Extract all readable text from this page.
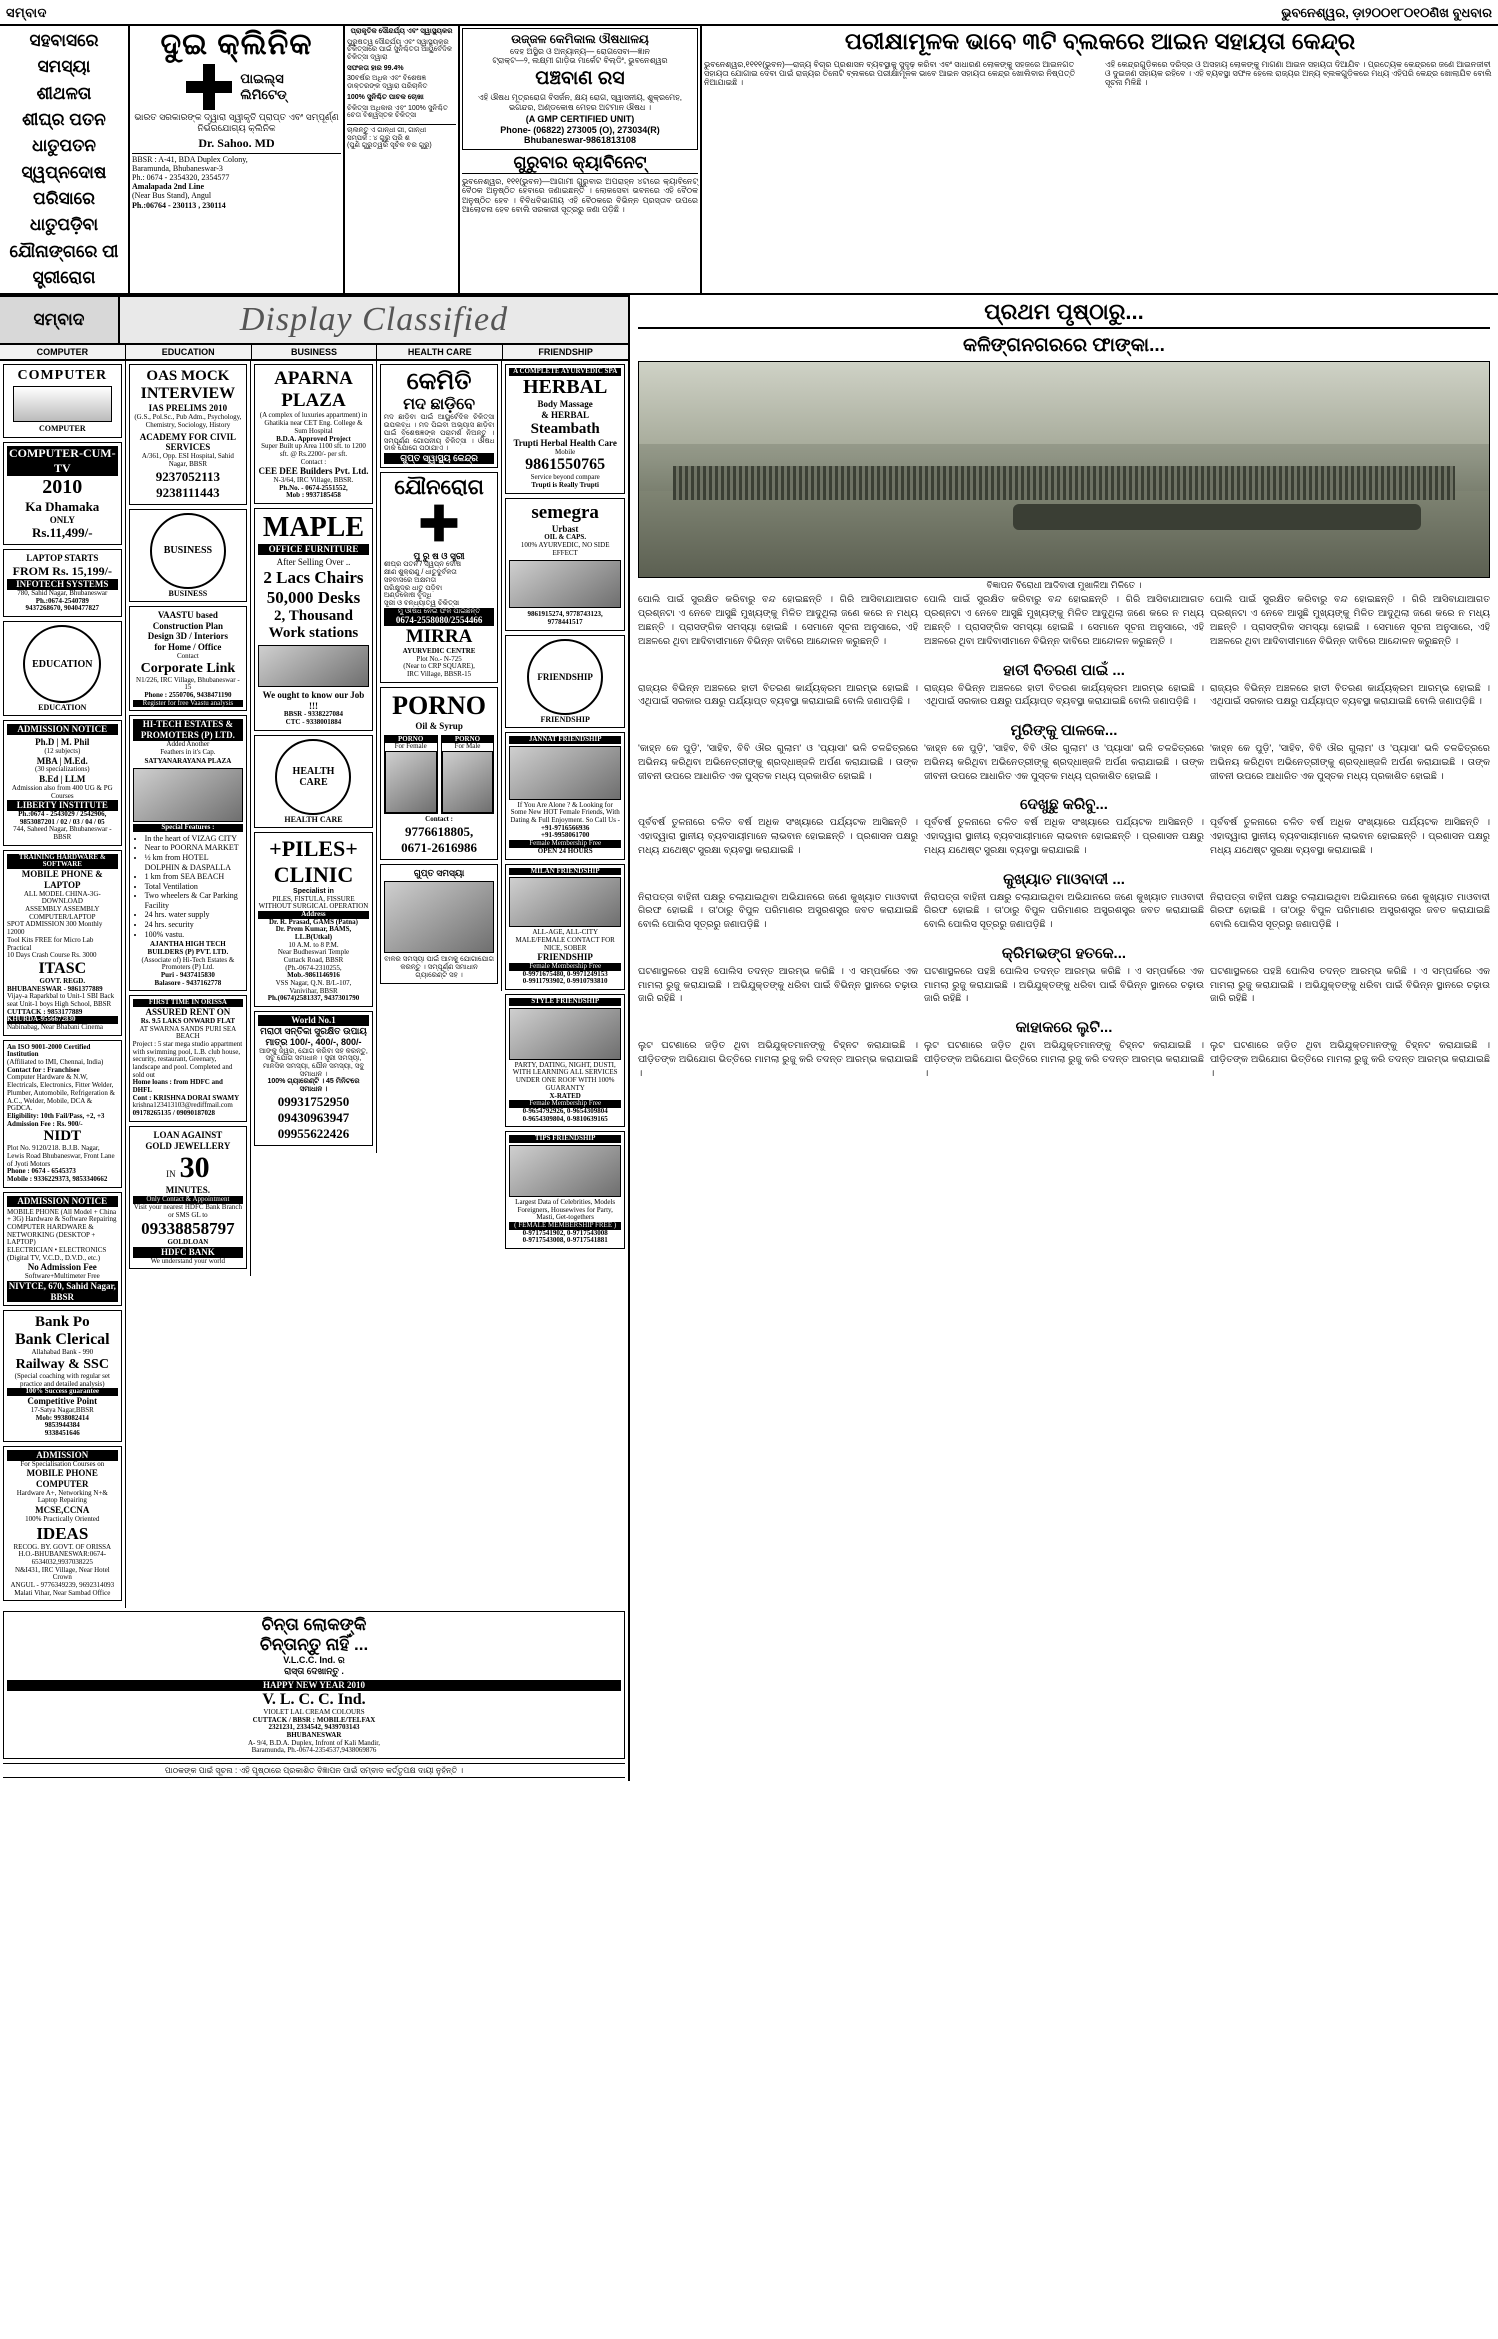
ସମ୍ବାଦ	ଭୁବନେଶ୍ୱର, ଡ଼ା୨୦୦୧୮୦୧୦ଣିଖ ବୁଧବାର
ସହବାସରେ
ସମସ୍ୟା
ଶୀଥଳତା
ଶୀଘ୍ର ପତନ
ଧାତୁପତନ
ସ୍ୱପ୍ନଦୋଷ
ପରିସାରେ
ଧାତୁପଡ଼ିବା
ଯୌନାଙ୍ଗରେ ପୀ
ସ୍ତ୍ରୀରୋଗ
ଦୁଇ କ୍ଲିନିକ
ପାଇଲ୍ସ
ଲିମିଟେଡ୍
ଭାରତ ସରକାରଙ୍କ ଦ୍ୱାରା ସ୍ୱୀକୃତି ପ୍ରାପ୍ତ ଏବଂ ସମ୍ପୂର୍ଣ୍ଣ ନିର୍ଭରଯୋଗ୍ୟ କ୍ଲିନିକ
Dr. Sahoo. MD
BBSR : A-41, BDA Duplex Colony,
Baramunda, Bhubaneswar-3
Ph.: 0674 - 2354320, 2354577
Amalapada 2nd Line
(Near Bus Stand), Angul
Ph.:06764 - 230113 , 230114
ପ୍ରାକୃତିକ ସୌନ୍ଦର୍ଯ୍ୟ ଏବଂ ସ୍ୱାସ୍ଥ୍ୟକର
ପୁରୁଷତ୍ୱ ସୌନ୍ଦର୍ଯ୍ୟ ଏବଂ ସ୍ୱାସ୍ଥ୍ୟକର ଚିକିତ୍ସାରେ ପାଇଁ ସୁନିଶ୍ଚିତତା ଆୟୁର୍ବେଦିକ ଚିକିତ୍ସା ଦ୍ୱାରା
ସଫଳତା ହାର 99.4%
30ବର୍ଷର ଅଧିକ ଏବଂ ବିଶେଷଜ୍ଞ ଡାକ୍ତରଙ୍କ ଦ୍ୱାରା ପରିଚାଳିତ
100% ସୁନିଶ୍ଚିତ ପାଚକ ଚୋଖା
ଚିକିତ୍ସା ଅଧିକାର ଏବଂ 100% ସୁନିଶ୍ଚିତ ଚେତା ବିଶ୍ୱସ୍ତକ ଚିକିତ୍ସା
ଚାଲନ୍ତୁ ଏ ଗାନ୍ଧୀ ଗୀ, ଗାନ୍ଧୀ
ସମ୍ପର୍କ : ୪ ଗୁରୁ ପ୍ରି ଶ
(ପୁଣି ଗୁରୁତ୍ୱର ସୂଚିକ ବର ଗୁରୁ)
ଉଜ୍ଜଳ କେମିକାଲ ଔଷଧାଳୟ
ଦେହ ଅସ୍ଥିର ଓ ଅନ୍ୟାନ୍ୟ— ରୋଗସେବା—ଜ୍ଞାନ
ଟ୍ରାକ୍ଟ—୨, ଲକ୍ଷ୍ମୀ ଗାଡ଼ିଭ ମାର୍କେଟ ବିଲ୍ଡିଂ, ଭୁବନେଶ୍ୱର
ପଞ୍ଚବାଣ ରସ
ଏହି ଔଷଧ ମୂତ୍ରରୋଗ ବିସର୍ଜନ, କ୍ଷୟ ରୋଗ, ସ୍ୱାସନୀୟ, ଶୁକ୍ରମେହ, ଭଗନ୍ଦର, ଅଣ୍ଡକୋଷ ମେହର ଅଟମାନ ଔଷଧ ।
(A GMP CERTIFIED UNIT)
Phone- (06822) 273005 (O), 273034(R)
Bhubaneswar-9861813108
ଗୁରୁବାର କ୍ୟାବିନେଟ୍
ଭୁବନେଶ୍ୱର, ୧୧୧(ଭୁବନ)—ଆଗାମୀ ଗୁରୁବାର ଅପରାହ୍ନ ୪ଟାରେ କ୍ୟାବିନେଟ୍ ବୈଠକ ଅନୁଷ୍ଠିତ ହେବାରେ ଜଣାଇଛନ୍ତି । ଲୋକସେବା ଭବନରେ ଏହି ବୈଠକ ଅନୁଷ୍ଠିତ ହେବ । ବିବିଧବିଭାଗୀୟ ଏହି ବୈଠକରେ ବିଭିନ୍ନ ପ୍ରସ୍ତାବ ଉପରେ ଆଲୋଚନା ହେବ ବୋଲି ସରକାରୀ ସୂତ୍ରରୁ ଜଣା ପଡ଼ିଛି ।
ପରୀକ୍ଷାମୂଳକ ଭାବେ ୩ଟି ବ୍ଲକରେ ଆଇନ ସହାୟତା କେନ୍ଦ୍ର
ଭୁବନେଶ୍ୱର,୧୧୧୧(ଭୁବନ)—ରାଜ୍ୟ ବିଚାର ପ୍ରଶାସନ ବ୍ୟବସ୍ଥାକୁ ସୁଦୃଢ଼ କରିବା ଏବଂ ସାଧାରଣ ଲୋକଙ୍କୁ ସହଜରେ ଆଇନଗତ ସହାୟତା ଯୋଗାଇ ଦେବା ପାଇଁ ରାଜ୍ୟର ତିନୋଟି ବ୍ଲକରେ ପରୀକ୍ଷାମୂଳକ ଭାବେ ଆଇନ ସହାୟତା କେନ୍ଦ୍ର ଖୋଲିବାର ନିଷ୍ପତ୍ତି ନିଆଯାଇଛି ।
ଏହି କେନ୍ଦ୍ରଗୁଡ଼ିକରେ ଦରିଦ୍ର ଓ ଅସହାୟ ଲୋକଙ୍କୁ ମାଗଣା ଆଇନ ସହାୟତା ଦିଆଯିବ । ପ୍ରତ୍ୟେକ କେନ୍ଦ୍ରରେ ଜଣେ ଆଇନଜୀବୀ ଓ ଦୁଇଜଣ ସହାୟକ ରହିବେ । ଏହି ବ୍ୟବସ୍ଥା ସଫଳ ହେଲେ ରାଜ୍ୟର ଅନ୍ୟ ବ୍ଲକଗୁଡ଼ିକରେ ମଧ୍ୟ ଏହିପରି କେନ୍ଦ୍ର ଖୋଲାଯିବ ବୋଲି ସୂଚନା ମିଳିଛି ।
ସମ୍ବାଦ	Display Classified
COMPUTER	EDUCATION	BUSINESS	HEALTH CARE	FRIENDSHIP
COMPUTER
COMPUTER
COMPUTER-CUM-TV
2010
Ka Dhamaka
ONLY
Rs.11,499/-
LAPTOP STARTS
FROM Rs. 15,199/-
INFOTECH SYSTEMS
780, Sahid Nagar, Bhubaneswar
Ph.:0674-2540789
9437268670, 9040477827
EDUCATION
EDUCATION
ADMISSION NOTICE
Ph.D | M. Phil
(12 subjects)
MBA | M.Ed.
(30 specializations)
B.Ed | LLM
Admission also from 400 UG & PG Courses
LIBERTY INSTITUTE
Ph.:0674 - 2543029 / 2542906,
9853087201 / 02 / 03 / 04 / 05
744, Saheed Nagar, Bhubaneswar - BBSR
TRAINING HARDWARE & SOFTWARE
MOBILE PHONE & LAPTOP
ALL MODEL CHINA-3G-DOWNLOAD
ASSEMBLY ASSEMBLY COMPUTER/LAPTOP
SPOT ADMISSION 300 Monthly 12000
Tool Kits FREE for Micro Lab Practical
10 Days Crash Course Rs. 3000
ITASC
GOVT. REGD.
BHUBANESWAR - 9861377889
Vijay-a Raparkbal to Unit-1 SBI Back seat Unit-1 boys High School, BBSR
CUTTACK : 9853177889
KHURDA-9556672830
Nabinabag, Near Bhabani Cinema
An ISO 9001-2000 Certified Institution
(Affiliated to IMI, Chennai, India)
Contact for : Franchisee
Computer Hardware & N.W, Electricals, Electronics, Fitter Welder, Plumber, Automobile, Refrigeration & A.C., Welder, Mobile, DCA & PGDCA.
Eligibility: 10th Fail/Pass, +2, +3
Admission Fee : Rs. 900/-
NIDT
Plot No. 9120/218. B.J.B. Nagar, Lewis Road Bhubaneswar, Front Lane of Jyoti Motors
Phone : 0674 - 6545373
Mobile : 9336229373, 9853340662
ADMISSION NOTICE
MOBILE PHONE (All Model + China + 3G) Hardware & Software Repairing
COMPUTER HARDWARE & NETWORKING (DESKTOP + LAPTOP)
ELECTRICIAN • ELECTRONICS (Digital TV, V.C.D., D.V.D., etc.)
No Admission Fee
Software+Multimeter Free
NIVTCE, 670, Sahid Nagar, BBSR
Bank Po
Bank Clerical
Allahabad Bank - 990
Railway & SSC
(Special coaching with regular set practice and detailed analysis)
100% Success guarantee
Competitive Point
17-Satya Nagar,BBSR
Mob: 9938082414
9853944384
9338451646
ADMISSION
For Specialisation Courses on
MOBILE PHONE
COMPUTER
Hardware A+, Networking N+& Laptop Repairing
MCSE,CCNA
100% Practically Oriented
IDEAS
RECOG. BY. GOVT. OF ORISSA
H.O.-BHUBANESWAR:0674-6534032,9937038225
N&I431, IRC Village, Near Hotel Crown
ANGUL - 9776349239, 9692314093
Malati Vihar, Near Sambad Office
OAS MOCK
INTERVIEW
IAS PRELIMS 2010
(G.S., Pol.Sc., Pub Adm., Psychology, Chemistry, Sociology, History
ACADEMY FOR CIVIL SERVICES
A/361, Opp. ESI Hospital, Sahid Nagar, BBSR
9237052113
9238111443
BUSINESS
BUSINESS
VAASTU based
Construction Plan
Design 3D / Interiors
for Home / Office
Contact
Corporate Link
N1/226, IRC Village, Bhubaneswar - 15
Phone : 2550706, 9438471190
Register for free Vaastu analysis
HI-TECH ESTATES &
PROMOTERS (P) LTD.
Added Another
Feathers in it's Cap.
SATYANARAYANA PLAZA
Special Features :
• In the heart of VIZAG CITY
• Near to POORNA MARKET
• ½ km from HOTEL DOLPHIN & DASPALLA
• 1 km from SEA BEACH
• Total Ventilation
• Two wheelers & Car Parking Facility
• 24 hrs. water supply
• 24 hrs. security
• 100% vastu.
AJANTHA HIGH TECH BUILDERS (P) PVT. LTD.
(Associate of) Hi-Tech Estates & Promoters (P) Ltd.
Puri - 9437415830
Balasore - 9437162778
FIRST TIME IN ORISSA
ASSURED RENT ON
Rs. 9.5 LAKS ONWARD FLAT
AT SWARNA SANDS PURI SEA BEACH
Project : 5 star mega studio appartment with swimming pool, L.B. club house, security, restaurant, Greenary, landscape and pool. Completed and sold out
Home loans : from HDFC and DHFL
Cont : KRISHNA DORAI SWAMY
krishna123413103@rediffmail.com
09178265135 / 09090187028
LOAN AGAINST
GOLD JEWELLERY
IN 30
MINUTES.
Only Contact & Appointment
Visit your nearest HDFC Bank Branch or SMS GL to
09338858797
GOLDLOAN
HDFC BANK
We understand your world
APARNA
PLAZA
(A complex of luxuries appartment) in Ghatikia near CET Eng. College & Sum Hospital
B.D.A. Approved Project
Super Built up Area 1100 sft. to 1200 sft. @ Rs.2200/- per sft.
Contact :
CEE DEE Builders Pvt. Ltd.
N-3/64, IRC Village, BBSR.
Ph.No. - 0674-2551552,
Mob : 9937185458
MAPLE
OFFICE FURNITURE
After Selling Over ..
2 Lacs Chairs
50,000 Desks
2, Thousand
Work stations
We ought to know our Job !!!
BBSR - 9338227084
CTC - 9338001884
HEALTH CARE
HEALTH CARE
+PILES+
CLINIC
Specialist in
PILES, FISTULA, FISSURE WITHOUT SURGICAL OPERATION
Address
Dr. R. Prasad, GAMS (Patna)
Dr. Prem Kumar, BAMS, LL.B(Utkal)
10 A.M. to 8 P.M.
Near Budheswari Temple
Cuttack Road, BBSR
(Ph.-0674-2310255,
Mob.-9861146916
VSS Nagar, Q.N. B/L-107,
Vanivihar, BBSR
Ph.(0674)2581337, 9437301790
World No.1
ମରାଠୀ ସନ୍ତିକା ସୁରକ୍ଷିତ ଉପାୟ
ମାତ୍ର 100/-, 400/-, 800/-
ଆଙ୍କୁ ଜ୍ୱର, ଯୋଗ କରିବା ସହ କରନ୍ତୁ, ସବୁ ଯୋଗ ସମାଧାନ । ସ୍ତ୍ରୀ ସମସ୍ୟା, ମାନସିକ ସମସ୍ୟା, ଯୌନ ସମସ୍ୟା, ସବୁ ସମାଧାନ ।
100% ଗ୍ୟାରେଣ୍ଟି । 45 ମିନିଟରେ ସମାଧାନ ।
09931752950
09430963947
09955622426
କେମିତି
ମଦ ଛାଡ଼ିବେ
ମଦ ଛାଡ଼ିବା ପାଇଁ ଆୟୁର୍ବେଦିକ ଚିକିତ୍ସା ଉପଲବ୍ଧ । ମଦ ପିଇବା ଅଭ୍ୟାସ ଛାଡ଼ିବା ପାଇଁ ବିଶେଷଜ୍ଞଙ୍କ ପରାମର୍ଶ ନିଅନ୍ତୁ । ସମ୍ପୂର୍ଣ୍ଣ ଗୋପନୀୟ ଚିକିତ୍ସା । ଔଷଧ ଡାକ ଯୋଗେ ପଠାଯାଏ ।
ଗୁପ୍ତ ସ୍ୱାସ୍ଥ୍ୟ କେନ୍ଦ୍ର
ଯୌନରୋଗ
ପୁ ରୁ ଷ ଓ ସ୍ତ୍ରୀ
ଶୀଘ୍ର ପତନ / ସ୍ୱପ୍ନ ଦୋଷ
କ୍ଷୀଣ ଶୁକ୍ରାଣୁ / ଧାତୁଦୁର୍ବଳତା
ସହବାସରେ ଅକ୍ଷମତା
ପରିକ୍ଷୁଦ୍ର ଧାତୁ ପଡ଼ିବା
ଅଣ୍ଡକୋଷ ବୃଦ୍ଧି
ସ୍ତ୍ରୀ ଓ ବନ୍ଧ୍ୟାତ୍ୱ ଚିକିତ୍ସା
ମୁଁ ଔଷଧ ନେଇ ଫଳ ପାଇଛନ୍ତି
0674-2558080/2554466
MIRRA
AYURVEDIC CENTRE
Plot No.- N-725
(Near to CRP SQUARE),
IRC Village, BBSR-15
PORNO
Oil & Syrup
PORNO
For Female
PORNO
For Male
Contact :
9776618805,
0671-2616986
ଗୁପ୍ତ ସମସ୍ୟା
ବାଳର ସମସ୍ୟା ପାଇଁ ଆମକୁ ଯୋଗାଯୋଗ କରନ୍ତୁ । ସମ୍ପୂର୍ଣ୍ଣ ସମାଧାନ ଗ୍ୟାରେଣ୍ଟି ସହ ।
A COMPLETE AYURVEDIC SPA
HERBAL
Body Massage
& HERBAL
Steambath
Trupti Herbal Health Care
Mobile
9861550765
Service beyond compare
Trupti is Really Trupti
semegra
Urbast
OIL & CAPS.
100% AYURVEDIC, NO SIDE EFFECT
9861915274, 9778743123, 9778441517
FRIENDSHIP
FRIENDSHIP
JANNAT FRIENDSHIP
If You Are Alone ? & Looking for Some New HOT Female Friends, With Dating & Full Enjoyment. So Call Us -
+91-9716566936
+91-9958061700
Female Membership Free
OPEN 24 HOURS
MILAN FRIENDSHIP
ALL-AGE, ALL-CITY MALE/FEMALE CONTACT FOR NICE, SOBER
FRIENDSHIP
Female Membership Free
0-9971675480, 0-9971249153
0-9911793902, 0-9910793810
STYLE FRIENDSHIP
PARTY, DATING, NIGHT, DUSTI, WITH LEARNING ALL SERVICES UNDER ONE ROOF WITH 100% GUARANTY
X-RATED
Female Membership Free
0-9654792926, 0-9654309804
0-9654309804, 0-9810639165
TIPS FRIENDSHIP
Largest Data of Celebrities, Models Foreigners, Housewives for Party, Masti, Get-togethers
( FEMALE MEMBERSHIP FREE )
0-9717541902, 0-9717543008
0-9717543008, 0-9717541881
ଚିନ୍ତା ଲୋକଙ୍କି
ଚିନ୍ତାନ୍ତୁ ନାହିଁ ...
V.L.C.C. Ind. ର
ରାସ୍ତା ଦେଖାନ୍ତୁ .
HAPPY NEW YEAR 2010
V. L. C. C. Ind.
VIOLET LAL CREAM COLOURS
CUTTACK / BBSR : MOBILE/TELFAX
2321231, 2334542, 9439703143
BHUBANESWAR
A- 9/4, B.D.A. Duplex, Infront of Kali Mandir,
Baramunda, Ph.-0674-2354537,9438069876
ପାଠକଙ୍କ ପାଇଁ ସୂଚନା : ଏହି ପୃଷ୍ଠାରେ ପ୍ରକାଶିତ ବିଜ୍ଞାପନ ପାଇଁ ସମ୍ବାଦ କର୍ତ୍ତୃପକ୍ଷ ଦାୟୀ ନୁହଁନ୍ତି ।
ପ୍ରଥମ ପୃଷ୍ଠାରୁ...
କଳିଙ୍ଗନଗରରେ ଫାଙ୍କା...
ବିଜ୍ଞାପନ ବିରୋଧୀ ଆଦିବାସୀ ମୁଖାଳିଆ ମିଳିତେ ।

ପୋଲି ପାଇଁ ସୁରକ୍ଷିତ କରିବାରୁ ବନ୍ଦ ହୋଇଛନ୍ତି । ଗିରି ଆସିବାଯାଆଗତ ପ୍ରଶ୍ନଟା ଏ ନେବେ ଆସୁଛି ମୁଖ୍ୟଙ୍କୁ ମିଳିତ ଆଦୁଥିଲା ଜଣେ କରେ ନ ମଧ୍ୟ ଅଛନ୍ତି । ପ୍ରାସଙ୍ଗିକ ସମସ୍ୟା ହୋଇଛି । ସେମାନେ ସୂଚନା ଅନୁସାରେ, ଏହି ଅଞ୍ଚଳରେ ଥିବା ଆଦିବାସୀମାନେ ବିଭିନ୍ନ ଦାବିରେ ଆନ୍ଦୋଳନ କରୁଛନ୍ତି ।

ପୋଲି ପାଇଁ ସୁରକ୍ଷିତ କରିବାରୁ ବନ୍ଦ ହୋଇଛନ୍ତି । ଗିରି ଆସିବାଯାଆଗତ ପ୍ରଶ୍ନଟା ଏ ନେବେ ଆସୁଛି ମୁଖ୍ୟଙ୍କୁ ମିଳିତ ଆଦୁଥିଲା ଜଣେ କରେ ନ ମଧ୍ୟ ଅଛନ୍ତି । ପ୍ରାସଙ୍ଗିକ ସମସ୍ୟା ହୋଇଛି । ସେମାନେ ସୂଚନା ଅନୁସାରେ, ଏହି ଅଞ୍ଚଳରେ ଥିବା ଆଦିବାସୀମାନେ ବିଭିନ୍ନ ଦାବିରେ ଆନ୍ଦୋଳନ କରୁଛନ୍ତି ।

ପୋଲି ପାଇଁ ସୁରକ୍ଷିତ କରିବାରୁ ବନ୍ଦ ହୋଇଛନ୍ତି । ଗିରି ଆସିବାଯାଆଗତ ପ୍ରଶ୍ନଟା ଏ ନେବେ ଆସୁଛି ମୁଖ୍ୟଙ୍କୁ ମିଳିତ ଆଦୁଥିଲା ଜଣେ କରେ ନ ମଧ୍ୟ ଅଛନ୍ତି । ପ୍ରାସଙ୍ଗିକ ସମସ୍ୟା ହୋଇଛି । ସେମାନେ ସୂଚନା ଅନୁସାରେ, ଏହି ଅଞ୍ଚଳରେ ଥିବା ଆଦିବାସୀମାନେ ବିଭିନ୍ନ ଦାବିରେ ଆନ୍ଦୋଳନ କରୁଛନ୍ତି ।

ହାତୀ ବିତରଣ ପାଇଁ ...

ରାଜ୍ୟର ବିଭିନ୍ନ ଅଞ୍ଚଳରେ ହାତୀ ବିତରଣ କାର୍ଯ୍ୟକ୍ରମ ଆରମ୍ଭ ହୋଇଛି । ଏଥିପାଇଁ ସରକାର ପକ୍ଷରୁ ପର୍ଯ୍ୟାପ୍ତ ବ୍ୟବସ୍ଥା କରାଯାଇଛି ବୋଲି ଜଣାପଡ଼ିଛି ।

ରାଜ୍ୟର ବିଭିନ୍ନ ଅଞ୍ଚଳରେ ହାତୀ ବିତରଣ କାର୍ଯ୍ୟକ୍ରମ ଆରମ୍ଭ ହୋଇଛି । ଏଥିପାଇଁ ସରକାର ପକ୍ଷରୁ ପର୍ଯ୍ୟାପ୍ତ ବ୍ୟବସ୍ଥା କରାଯାଇଛି ବୋଲି ଜଣାପଡ଼ିଛି ।

ରାଜ୍ୟର ବିଭିନ୍ନ ଅଞ୍ଚଳରେ ହାତୀ ବିତରଣ କାର୍ଯ୍ୟକ୍ରମ ଆରମ୍ଭ ହୋଇଛି । ଏଥିପାଇଁ ସରକାର ପକ୍ଷରୁ ପର୍ଯ୍ୟାପ୍ତ ବ୍ୟବସ୍ଥା କରାଯାଇଛି ବୋଲି ଜଣାପଡ଼ିଛି ।

ମୁରିଙ୍କୁ ପାଳକେ...

'କାହ୍ନ କେ ପୁଡ଼ି', 'ସାହିବ, ବିବି ଔର ଗୁଲାମ' ଓ 'ପ୍ୟାସା' ଭଳି ଚଳଚ୍ଚିତ୍ରରେ ଅଭିନୟ କରିଥିବା ଅଭିନେତ୍ରୀଙ୍କୁ ଶ୍ରଦ୍ଧାଞ୍ଜଳି ଅର୍ପଣ କରାଯାଇଛି । ତାଙ୍କ ଜୀବନୀ ଉପରେ ଆଧାରିତ ଏକ ପୁସ୍ତକ ମଧ୍ୟ ପ୍ରକାଶିତ ହୋଇଛି ।

'କାହ୍ନ କେ ପୁଡ଼ି', 'ସାହିବ, ବିବି ଔର ଗୁଲାମ' ଓ 'ପ୍ୟାସା' ଭଳି ଚଳଚ୍ଚିତ୍ରରେ ଅଭିନୟ କରିଥିବା ଅଭିନେତ୍ରୀଙ୍କୁ ଶ୍ରଦ୍ଧାଞ୍ଜଳି ଅର୍ପଣ କରାଯାଇଛି । ତାଙ୍କ ଜୀବନୀ ଉପରେ ଆଧାରିତ ଏକ ପୁସ୍ତକ ମଧ୍ୟ ପ୍ରକାଶିତ ହୋଇଛି ।

'କାହ୍ନ କେ ପୁଡ଼ି', 'ସାହିବ, ବିବି ଔର ଗୁଲାମ' ଓ 'ପ୍ୟାସା' ଭଳି ଚଳଚ୍ଚିତ୍ରରେ ଅଭିନୟ କରିଥିବା ଅଭିନେତ୍ରୀଙ୍କୁ ଶ୍ରଦ୍ଧାଞ୍ଜଳି ଅର୍ପଣ କରାଯାଇଛି । ତାଙ୍କ ଜୀବନୀ ଉପରେ ଆଧାରିତ ଏକ ପୁସ୍ତକ ମଧ୍ୟ ପ୍ରକାଶିତ ହୋଇଛି ।

ଦେଖୁଛୁ କରିବୁ...

ପୂର୍ବବର୍ଷ ତୁଳନାରେ ଚଳିତ ବର୍ଷ ଅଧିକ ସଂଖ୍ୟାରେ ପର୍ଯ୍ୟଟକ ଆସିଛନ୍ତି । ଏହାଦ୍ୱାରା ସ୍ଥାନୀୟ ବ୍ୟବସାୟୀମାନେ ଲାଭବାନ ହୋଇଛନ୍ତି । ପ୍ରଶାସନ ପକ୍ଷରୁ ମଧ୍ୟ ଯଥେଷ୍ଟ ସୁରକ୍ଷା ବ୍ୟବସ୍ଥା କରାଯାଇଛି ।

ପୂର୍ବବର୍ଷ ତୁଳନାରେ ଚଳିତ ବର୍ଷ ଅଧିକ ସଂଖ୍ୟାରେ ପର୍ଯ୍ୟଟକ ଆସିଛନ୍ତି । ଏହାଦ୍ୱାରା ସ୍ଥାନୀୟ ବ୍ୟବସାୟୀମାନେ ଲାଭବାନ ହୋଇଛନ୍ତି । ପ୍ରଶାସନ ପକ୍ଷରୁ ମଧ୍ୟ ଯଥେଷ୍ଟ ସୁରକ୍ଷା ବ୍ୟବସ୍ଥା କରାଯାଇଛି ।

ପୂର୍ବବର୍ଷ ତୁଳନାରେ ଚଳିତ ବର୍ଷ ଅଧିକ ସଂଖ୍ୟାରେ ପର୍ଯ୍ୟଟକ ଆସିଛନ୍ତି । ଏହାଦ୍ୱାରା ସ୍ଥାନୀୟ ବ୍ୟବସାୟୀମାନେ ଲାଭବାନ ହୋଇଛନ୍ତି । ପ୍ରଶାସନ ପକ୍ଷରୁ ମଧ୍ୟ ଯଥେଷ୍ଟ ସୁରକ୍ଷା ବ୍ୟବସ୍ଥା କରାଯାଇଛି ।

କୁଖ୍ୟାତ ମାଓବାଦୀ ...

ନିରାପତ୍ତା ବାହିନୀ ପକ୍ଷରୁ ଚଲାଯାଇଥିବା ଅଭିଯାନରେ ଜଣେ କୁଖ୍ୟାତ ମାଓବାଦୀ ଗିରଫ ହୋଇଛି । ତା'ଠାରୁ ବିପୁଳ ପରିମାଣର ଅସ୍ତ୍ରଶସ୍ତ୍ର ଜବତ କରାଯାଇଛି ବୋଲି ପୋଲିସ ସୂତ୍ରରୁ ଜଣାପଡ଼ିଛି ।

ନିରାପତ୍ତା ବାହିନୀ ପକ୍ଷରୁ ଚଲାଯାଇଥିବା ଅଭିଯାନରେ ଜଣେ କୁଖ୍ୟାତ ମାଓବାଦୀ ଗିରଫ ହୋଇଛି । ତା'ଠାରୁ ବିପୁଳ ପରିମାଣର ଅସ୍ତ୍ରଶସ୍ତ୍ର ଜବତ କରାଯାଇଛି ବୋଲି ପୋଲିସ ସୂତ୍ରରୁ ଜଣାପଡ଼ିଛି ।

ନିରାପତ୍ତା ବାହିନୀ ପକ୍ଷରୁ ଚଲାଯାଇଥିବା ଅଭିଯାନରେ ଜଣେ କୁଖ୍ୟାତ ମାଓବାଦୀ ଗିରଫ ହୋଇଛି । ତା'ଠାରୁ ବିପୁଳ ପରିମାଣର ଅସ୍ତ୍ରଶସ୍ତ୍ର ଜବତ କରାଯାଇଛି ବୋଲି ପୋଲିସ ସୂତ୍ରରୁ ଜଣାପଡ଼ିଛି ।

କ୍ରିମଭଙ୍ଗ ହତକେ...

ଘଟଣାସ୍ଥଳରେ ପହଞ୍ଚି ପୋଲିସ ତଦନ୍ତ ଆରମ୍ଭ କରିଛି । ଏ ସମ୍ପର୍କରେ ଏକ ମାମଲା ରୁଜୁ କରାଯାଇଛି । ଅଭିଯୁକ୍ତଙ୍କୁ ଧରିବା ପାଇଁ ବିଭିନ୍ନ ସ୍ଥାନରେ ଚଢ଼ାଉ ଜାରି ରହିଛି ।

ଘଟଣାସ୍ଥଳରେ ପହଞ୍ଚି ପୋଲିସ ତଦନ୍ତ ଆରମ୍ଭ କରିଛି । ଏ ସମ୍ପର୍କରେ ଏକ ମାମଲା ରୁଜୁ କରାଯାଇଛି । ଅଭିଯୁକ୍ତଙ୍କୁ ଧରିବା ପାଇଁ ବିଭିନ୍ନ ସ୍ଥାନରେ ଚଢ଼ାଉ ଜାରି ରହିଛି ।

ଘଟଣାସ୍ଥଳରେ ପହଞ୍ଚି ପୋଲିସ ତଦନ୍ତ ଆରମ୍ଭ କରିଛି । ଏ ସମ୍ପର୍କରେ ଏକ ମାମଲା ରୁଜୁ କରାଯାଇଛି । ଅଭିଯୁକ୍ତଙ୍କୁ ଧରିବା ପାଇଁ ବିଭିନ୍ନ ସ୍ଥାନରେ ଚଢ଼ାଉ ଜାରି ରହିଛି ।

କାହାକରେ ଲୁଟି...

ଲୁଟ ଘଟଣାରେ ଜଡ଼ିତ ଥିବା ଅଭିଯୁକ୍ତମାନଙ୍କୁ ଚିହ୍ନଟ କରାଯାଇଛି । ପୀଡ଼ିତଙ୍କ ଅଭିଯୋଗ ଭିତ୍ତିରେ ମାମଲା ରୁଜୁ କରି ତଦନ୍ତ ଆରମ୍ଭ କରାଯାଇଛି ।

ଲୁଟ ଘଟଣାରେ ଜଡ଼ିତ ଥିବା ଅଭିଯୁକ୍ତମାନଙ୍କୁ ଚିହ୍ନଟ କରାଯାଇଛି । ପୀଡ଼ିତଙ୍କ ଅଭିଯୋଗ ଭିତ୍ତିରେ ମାମଲା ରୁଜୁ କରି ତଦନ୍ତ ଆରମ୍ଭ କରାଯାଇଛି ।

ଲୁଟ ଘଟଣାରେ ଜଡ଼ିତ ଥିବା ଅଭିଯୁକ୍ତମାନଙ୍କୁ ଚିହ୍ନଟ କରାଯାଇଛି । ପୀଡ଼ିତଙ୍କ ଅଭିଯୋଗ ଭିତ୍ତିରେ ମାମଲା ରୁଜୁ କରି ତଦନ୍ତ ଆରମ୍ଭ କରାଯାଇଛି ।
